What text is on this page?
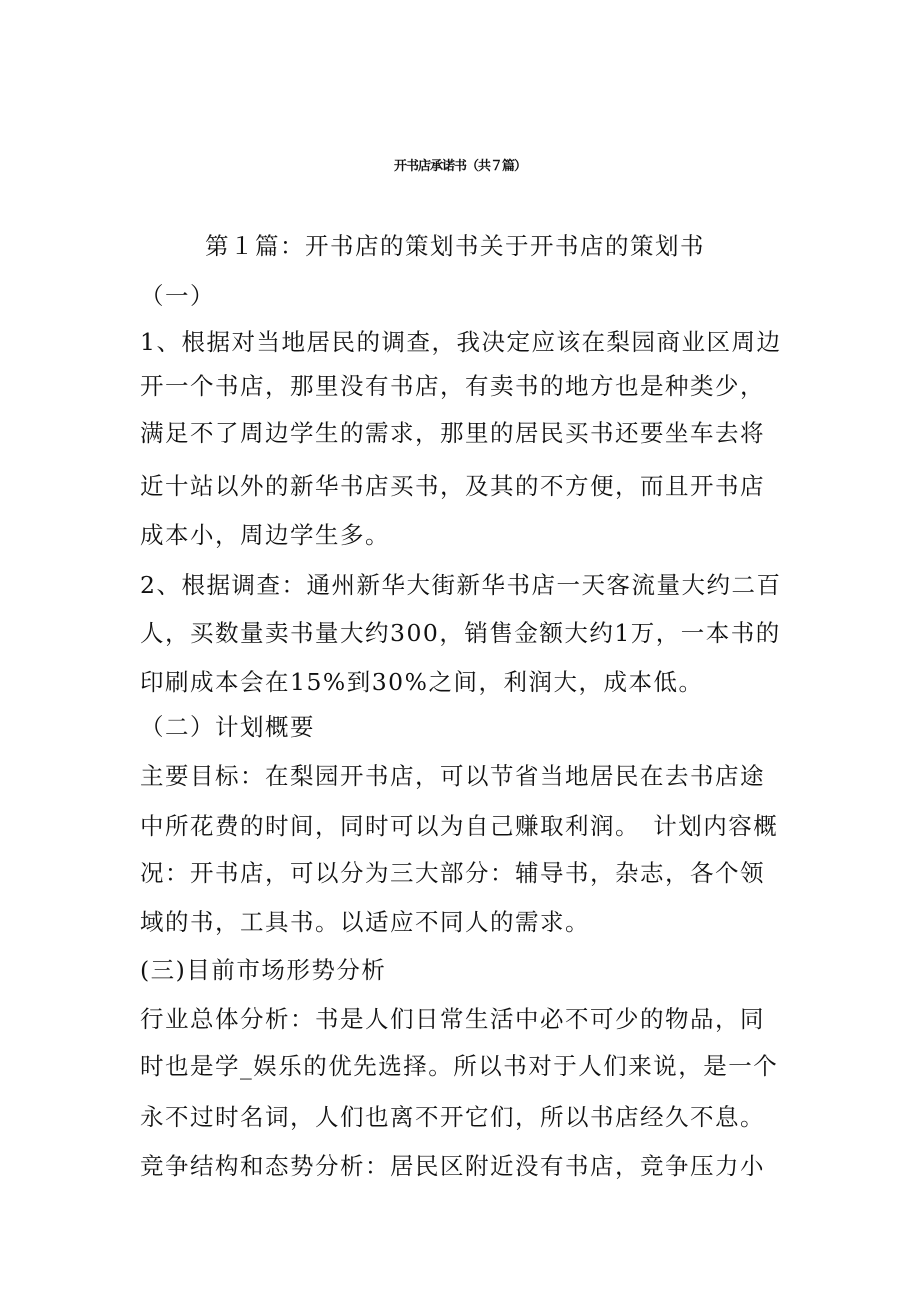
开书店承诺书（共７篇）
第１篇：开书店的策划书关于开书店的策划书
（一）
1、根据对当地居民的调查，我决定应该在梨园商业区周边
开一个书店，那里没有书店，有卖书的地方也是种类少，
满足不了周边学生的需求，那里的居民买书还要坐车去将
近十站以外的新华书店买书，及其的不方便，而且开书店
成本小，周边学生多。
2、根据调查：通州新华大街新华书店一天客流量大约二百
人，买数量卖书量大约300，销售金额大约1万，一本书的
印刷成本会在15%到30%之间，利润大，成本低。
（二）计划概要
主要目标：在梨园开书店，可以节省当地居民在去书店途
中所花费的时间，同时可以为自己赚取利润。　计划内容概
况：开书店，可以分为三大部分：辅导书，杂志，各个领
域的书，工具书。以适应不同人的需求。
(三)目前市场形势分析
行业总体分析：书是人们日常生活中必不可少的物品，同
时也是学_娱乐的优先选择。所以书对于人们来说，是一个
永不过时名词，人们也离不开它们，所以书店经久不息。
竞争结构和态势分析：居民区附近没有书店，竞争压力小
